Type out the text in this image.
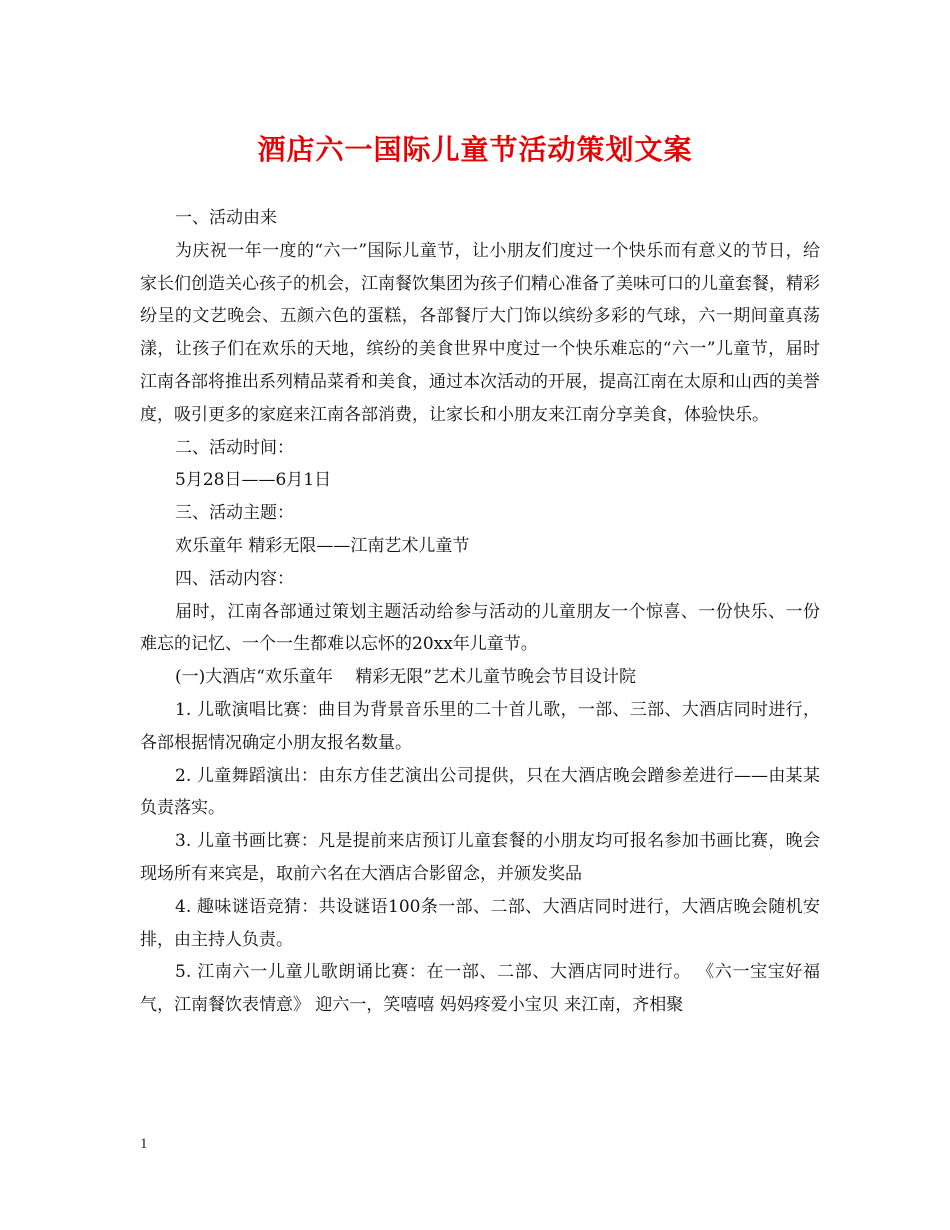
酒店六一国际儿童节活动策划文案

一、活动由来

为庆祝一年一度的“六一”国际儿童节，让小朋友们度过一个快乐而有意义的节日，给家长们创造关心孩子的机会，江南餐饮集团为孩子们精心准备了美味可口的儿童套餐，精彩纷呈的文艺晚会、五颜六色的蛋糕，各部餐厅大门饰以缤纷多彩的气球，六一期间童真荡漾，让孩子们在欢乐的天地，缤纷的美食世界中度过一个快乐难忘的“六一”儿童节，届时江南各部将推出系列精品菜肴和美食，通过本次活动的开展，提高江南在太原和山西的美誉度，吸引更多的家庭来江南各部消费，让家长和小朋友来江南分享美食，体验快乐。

二、活动时间：

5月28日——6月1日

三、活动主题：

欢乐童年 精彩无限——江南艺术儿童节

四、活动内容：

届时，江南各部通过策划主题活动给参与活动的儿童朋友一个惊喜、一份快乐、一份难忘的记忆、一个一生都难以忘怀的20xx年儿童节。

(一)大酒店“欢乐童年　 精彩无限”艺术儿童节晚会节目设计院

1. 儿歌演唱比赛：曲目为背景音乐里的二十首儿歌，一部、三部、大酒店同时进行，各部根据情况确定小朋友报名数量。

2. 儿童舞蹈演出：由东方佳艺演出公司提供，只在大酒店晚会蹭参差进行——由某某负责落实。

3. 儿童书画比赛：凡是提前来店预订儿童套餐的小朋友均可报名参加书画比赛，晚会现场所有来宾是，取前六名在大酒店合影留念，并颁发奖品

4. 趣味谜语竞猜：共设谜语100条一部、二部、大酒店同时进行，大酒店晚会随机安排，由主持人负责。

5. 江南六一儿童儿歌朗诵比赛：在一部、二部、大酒店同时进行。 《六一宝宝好福气，江南餐饮表情意》 迎六一，笑嘻嘻 妈妈疼爱小宝贝 来江南，齐相聚

1
